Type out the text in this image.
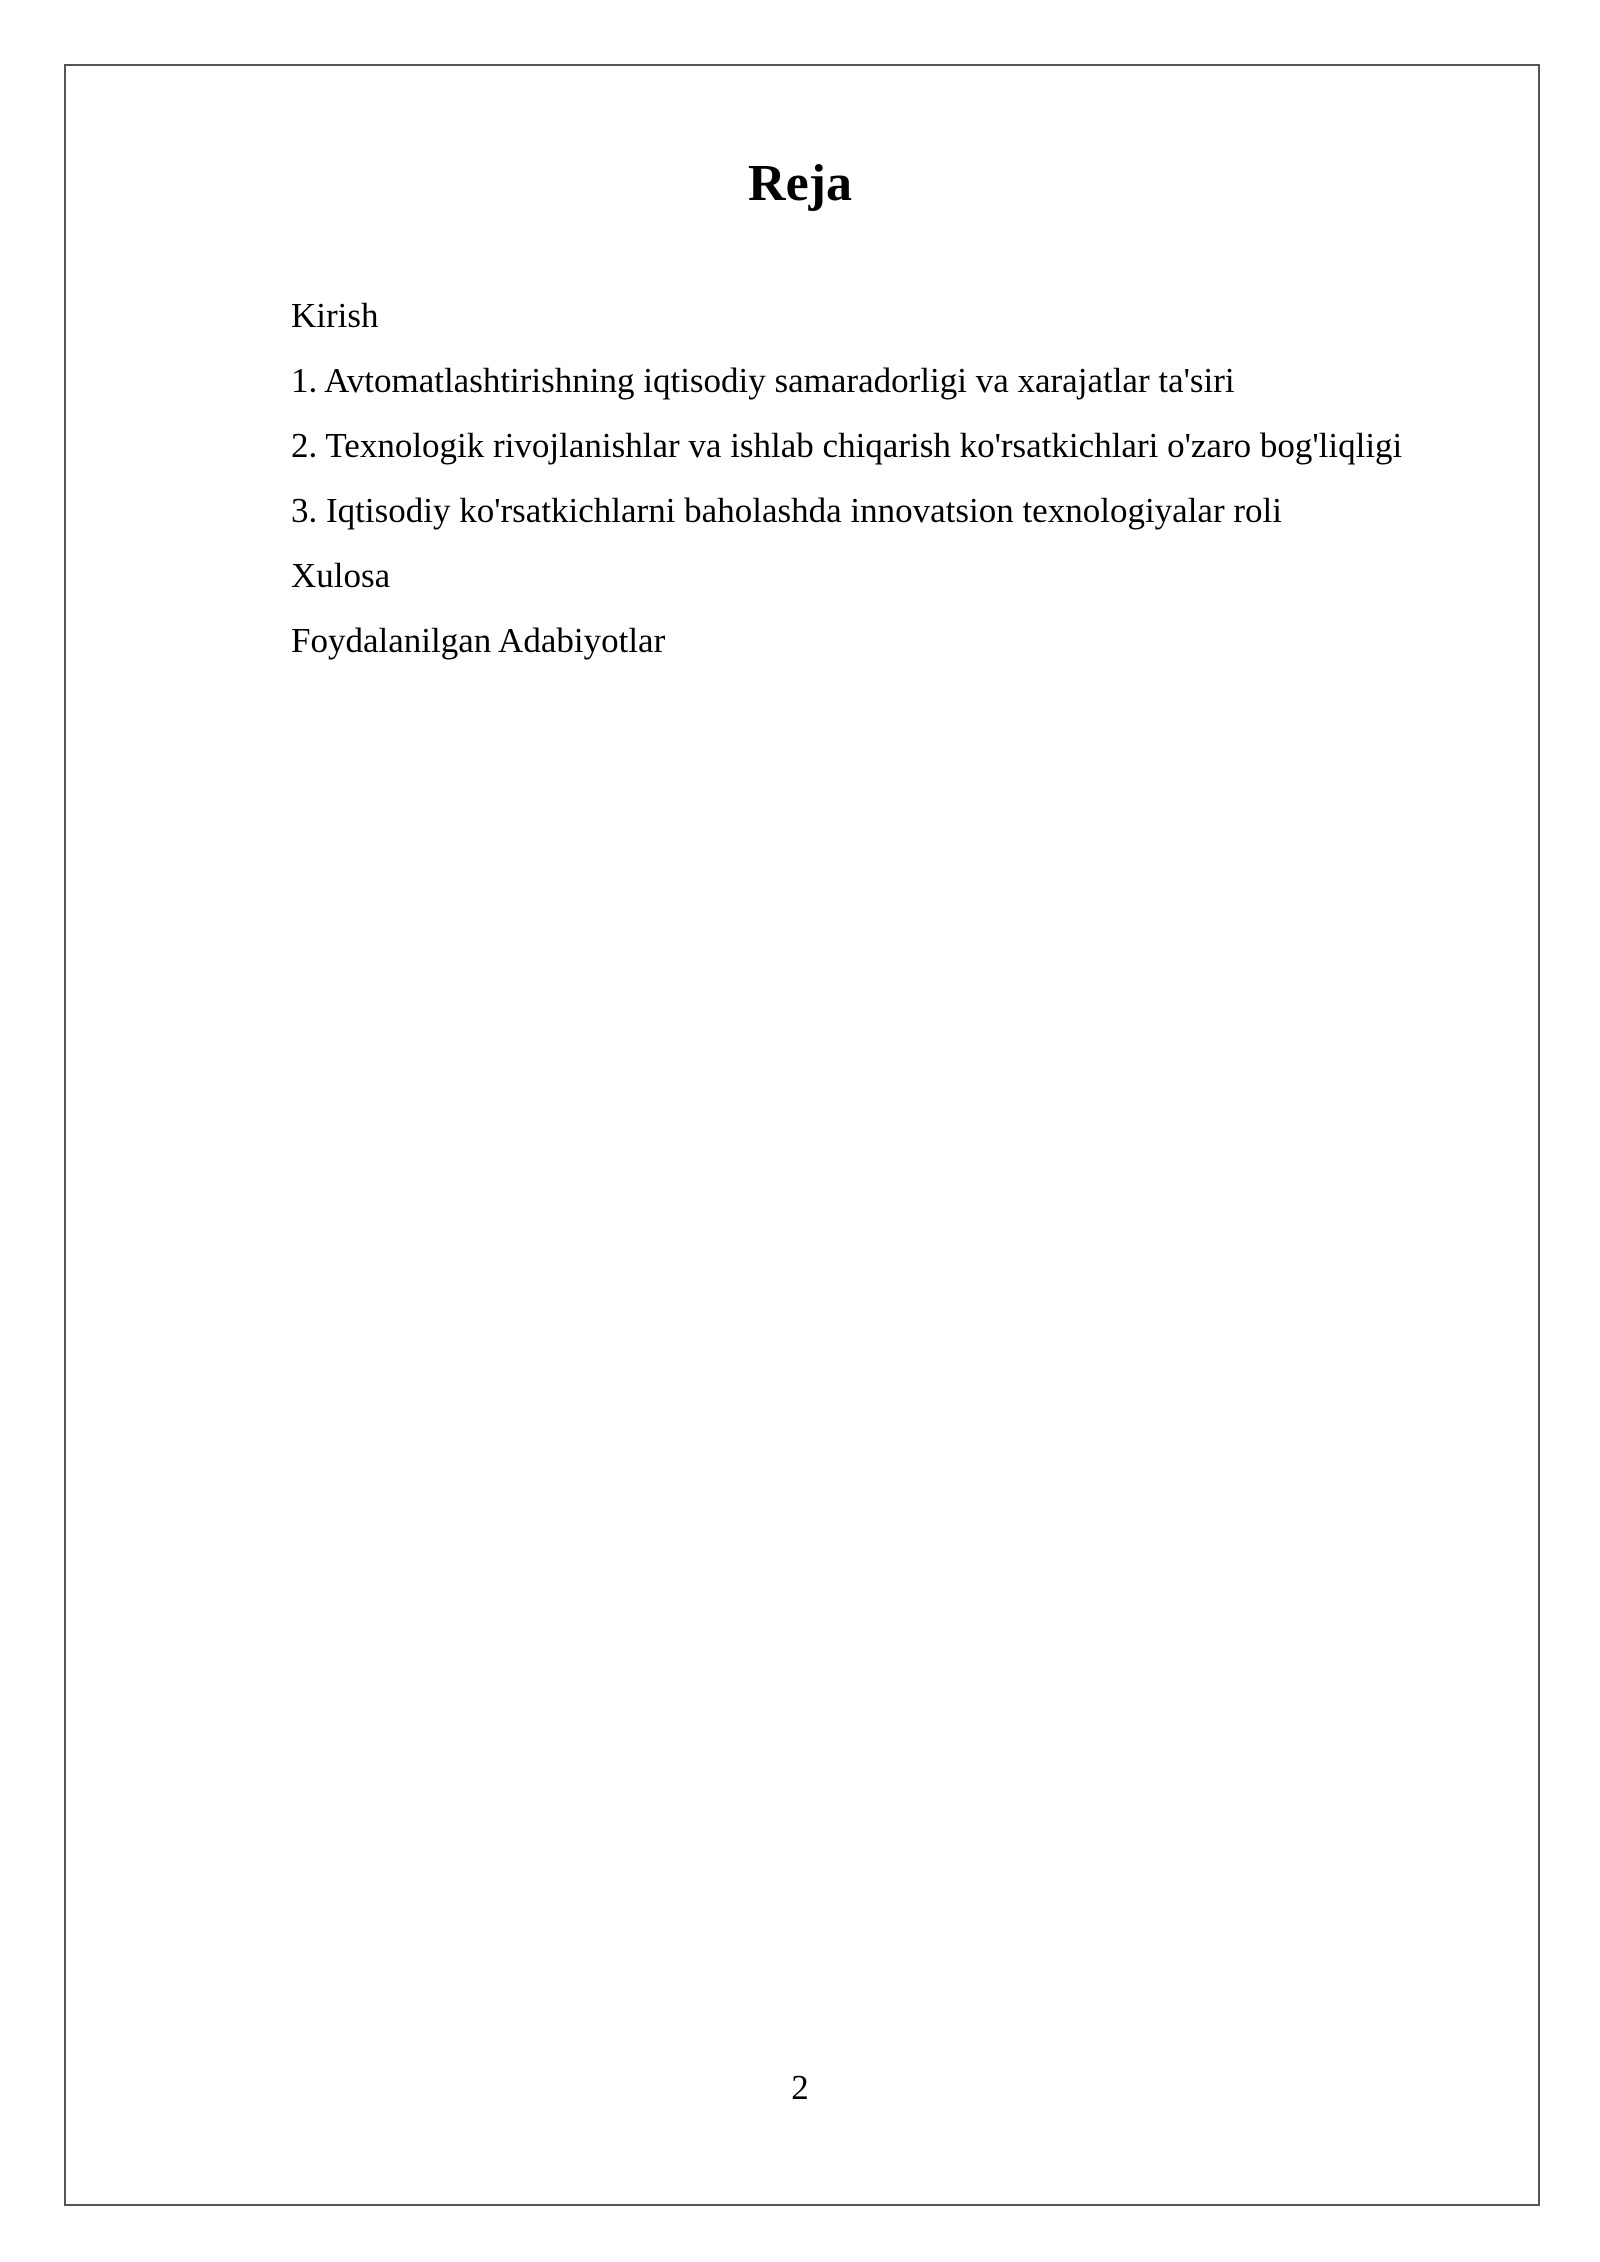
Reja
Kirish
1. Avtomatlashtirishning iqtisodiy samaradorligi va xarajatlar ta'siri
2. Texnologik rivojlanishlar va ishlab chiqarish ko'rsatkichlari o'zaro bog'liqligi
3. Iqtisodiy ko'rsatkichlarni baholashda innovatsion texnologiyalar roli
Xulosa
Foydalanilgan Adabiyotlar
2
